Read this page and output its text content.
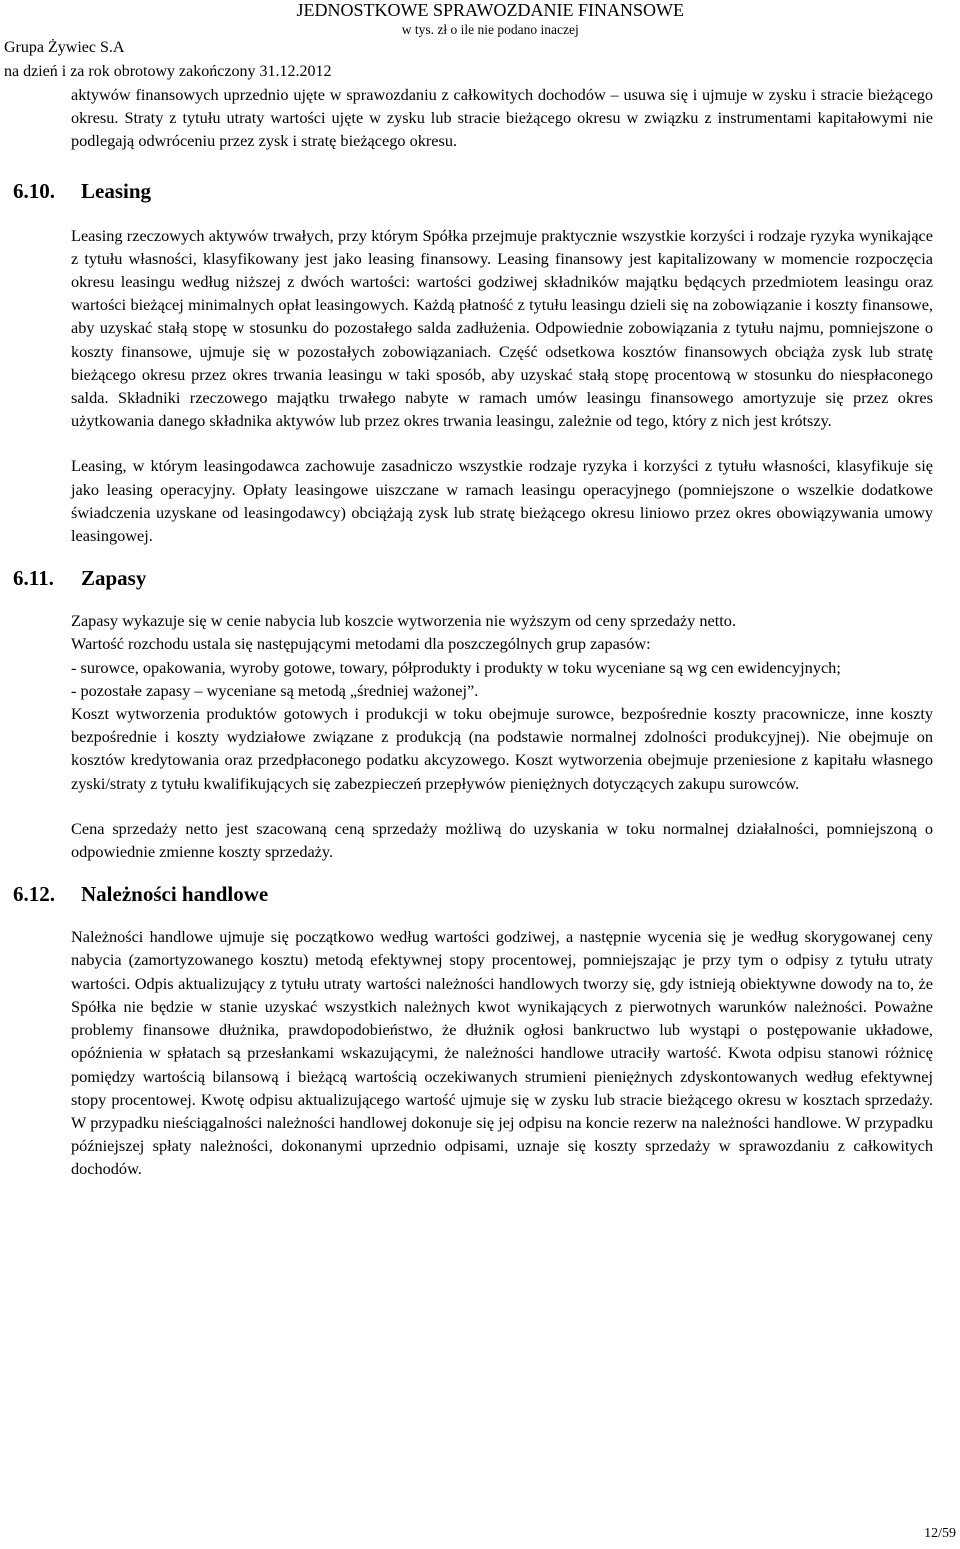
Grupa Żywiec S.A
na dzień i za rok obrotowy zakończony 31.12.2012
JEDNOSTKOWE SPRAWOZDANIE FINANSOWE
w tys. zł o ile nie podano inaczej

aktywów finansowych uprzednio ujęte w sprawozdaniu z całkowitych dochodów – usuwa się i ujmuje w zysku i stracie bieżącego okresu. Straty z tytułu utraty wartości ujęte w zysku lub stracie bieżącego okresu w związku z instrumentami kapitałowymi nie podlegają odwróceniu przez zysk i stratę bieżącego okresu.

6.10.	Leasing

Leasing rzeczowych aktywów trwałych, przy którym Spółka przejmuje praktycznie wszystkie korzyści i rodzaje ryzyka wynikające z tytułu własności, klasyfikowany jest jako leasing finansowy. Leasing finansowy jest kapitalizowany w momencie rozpoczęcia okresu leasingu według niższej z dwóch wartości: wartości godziwej składników majątku będących przedmiotem leasingu oraz wartości bieżącej minimalnych opłat leasingowych. Każdą płatność z tytułu leasingu dzieli się na zobowiązanie i koszty finansowe, aby uzyskać stałą stopę w stosunku do pozostałego salda zadłużenia. Odpowiednie zobowiązania z tytułu najmu, pomniejszone o koszty finansowe, ujmuje się w pozostałych zobowiązaniach. Część odsetkowa kosztów finansowych obciąża zysk lub stratę bieżącego okresu przez okres trwania leasingu w taki sposób, aby uzyskać stałą stopę procentową w stosunku do niespłaconego salda. Składniki rzeczowego majątku trwałego nabyte w ramach umów leasingu finansowego amortyzuje się przez okres użytkowania danego składnika aktywów lub przez okres trwania leasingu, zależnie od tego, który z nich jest krótszy.

Leasing, w którym leasingodawca zachowuje zasadniczo wszystkie rodzaje ryzyka i korzyści z tytułu własności, klasyfikuje się jako leasing operacyjny. Opłaty leasingowe uiszczane w ramach leasingu operacyjnego (pomniejszone o wszelkie dodatkowe świadczenia uzyskane od leasingodawcy) obciążają zysk lub stratę bieżącego okresu liniowo przez okres obowiązywania umowy leasingowej.

6.11.	Zapasy

Zapasy wykazuje się w cenie nabycia lub koszcie wytworzenia nie wyższym od ceny sprzedaży netto.

Wartość rozchodu ustala się następującymi metodami dla poszczególnych grup zapasów:

- surowce, opakowania, wyroby gotowe, towary, półprodukty i produkty w toku wyceniane są wg cen ewidencyjnych;

- pozostałe zapasy – wyceniane są metodą „średniej ważonej”.

Koszt wytworzenia produktów gotowych i produkcji w toku obejmuje surowce, bezpośrednie koszty pracownicze, inne koszty bezpośrednie i koszty wydziałowe związane z produkcją (na podstawie normalnej zdolności produkcyjnej). Nie obejmuje on kosztów kredytowania oraz przedpłaconego podatku akcyzowego. Koszt wytworzenia obejmuje przeniesione z kapitału własnego zyski/straty z tytułu kwalifikujących się zabezpieczeń przepływów pieniężnych dotyczących zakupu surowców.

Cena sprzedaży netto jest szacowaną ceną sprzedaży możliwą do uzyskania w toku normalnej działalności, pomniejszoną o odpowiednie zmienne koszty sprzedaży.

6.12.	Należności handlowe

Należności handlowe ujmuje się początkowo według wartości godziwej, a następnie wycenia się je według skorygowanej ceny nabycia (zamortyzowanego kosztu) metodą efektywnej stopy procentowej, pomniejszając je przy tym o odpisy z tytułu utraty wartości. Odpis aktualizujący z tytułu utraty wartości należności handlowych tworzy się, gdy istnieją obiektywne dowody na to, że Spółka nie będzie w stanie uzyskać wszystkich należnych kwot wynikających z pierwotnych warunków należności. Poważne problemy finansowe dłużnika, prawdopodobieństwo, że dłużnik ogłosi bankructwo lub wystąpi o postępowanie układowe, opóźnienia w spłatach są przesłankami wskazującymi, że należności handlowe utraciły wartość. Kwota odpisu stanowi różnicę pomiędzy wartością bilansową i bieżącą wartością oczekiwanych strumieni pieniężnych zdyskontowanych według efektywnej stopy procentowej. Kwotę odpisu aktualizującego wartość ujmuje się w zysku lub stracie bieżącego okresu w kosztach sprzedaży. W przypadku nieściągalności należności handlowej dokonuje się jej odpisu na koncie rezerw na należności handlowe. W przypadku późniejszej spłaty należności, dokonanymi uprzednio odpisami, uznaje się koszty sprzedaży w sprawozdaniu z całkowitych dochodów.

12/59
